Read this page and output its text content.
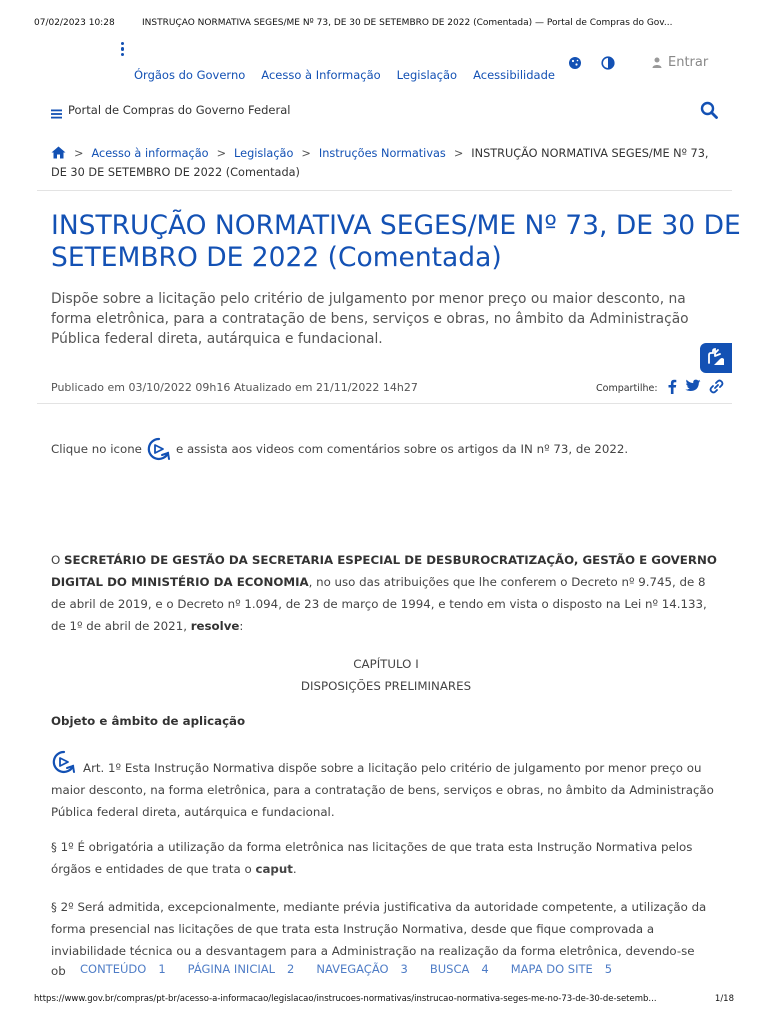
07/02/2023 10:28	INSTRUÇÃO NORMATIVA SEGES/ME Nº 73, DE 30 DE SETEMBRO DE 2022 (Comentada) — Portal de Compras do Gov...
Órgãos do Governo Acesso à Informação Legislação Acessibilidade
Entrar
Portal de Compras do Governo Federal
> Acesso à informação > Legislação > Instruções Normativas > INSTRUÇÃO NORMATIVA SEGES/ME Nº 73, DE 30 DE SETEMBRO DE 2022 (Comentada)
INSTRUÇÃO NORMATIVA SEGES/ME Nº 73, DE 30 DE SETEMBRO DE 2022 (Comentada)

Dispõe sobre a licitação pelo critério de julgamento por menor preço ou maior desconto, na forma eletrônica, para a contratação de bens, serviços e obras, no âmbito da Administração Pública federal direta, autárquica e fundacional.

Publicado em 03/10/2022 09h16 Atualizado em 21/11/2022 14h27	Compartilhe:
Clique no icone	e assista aos videos com comentários sobre os artigos da IN nº 73, de 2022.

O SECRETÁRIO DE GESTÃO DA SECRETARIA ESPECIAL DE DESBUROCRATIZAÇÃO, GESTÃO E GOVERNO DIGITAL DO MINISTÉRIO DA ECONOMIA, no uso das atribuições que lhe conferem o Decreto nº 9.745, de 8 de abril de 2019, e o Decreto nº 1.094, de 23 de março de 1994, e tendo em vista o disposto na Lei nº 14.133, de 1º de abril de 2021, resolve:

CAPÍTULO I
DISPOSIÇÕES PRELIMINARES
Objeto e âmbito de aplicação

Art. 1º Esta Instrução Normativa dispõe sobre a licitação pelo critério de julgamento por menor preço ou maior desconto, na forma eletrônica, para a contratação de bens, serviços e obras, no âmbito da Administração Pública federal direta, autárquica e fundacional.

§ 1º É obrigatória a utilização da forma eletrônica nas licitações de que trata esta Instrução Normativa pelos órgãos e entidades de que trata o caput.

§ 2º Será admitida, excepcionalmente, mediante prévia justificativa da autoridade competente, a utilização da forma presencial nas licitações de que trata esta Instrução Normativa, desde que fique comprovada a inviabilidade técnica ou a desvantagem para a Administração na realização da forma eletrônica, devendo-se

ob CONTEÚDO 1 PÁGINA INICIAL 2 NAVEGAÇÃO 3 BUSCA 4 MAPA DO SITE 5
https://www.gov.br/compras/pt-br/acesso-a-informacao/legislacao/instrucoes-normativas/instrucao-normativa-seges-me-no-73-de-30-de-setemb...	1/18
